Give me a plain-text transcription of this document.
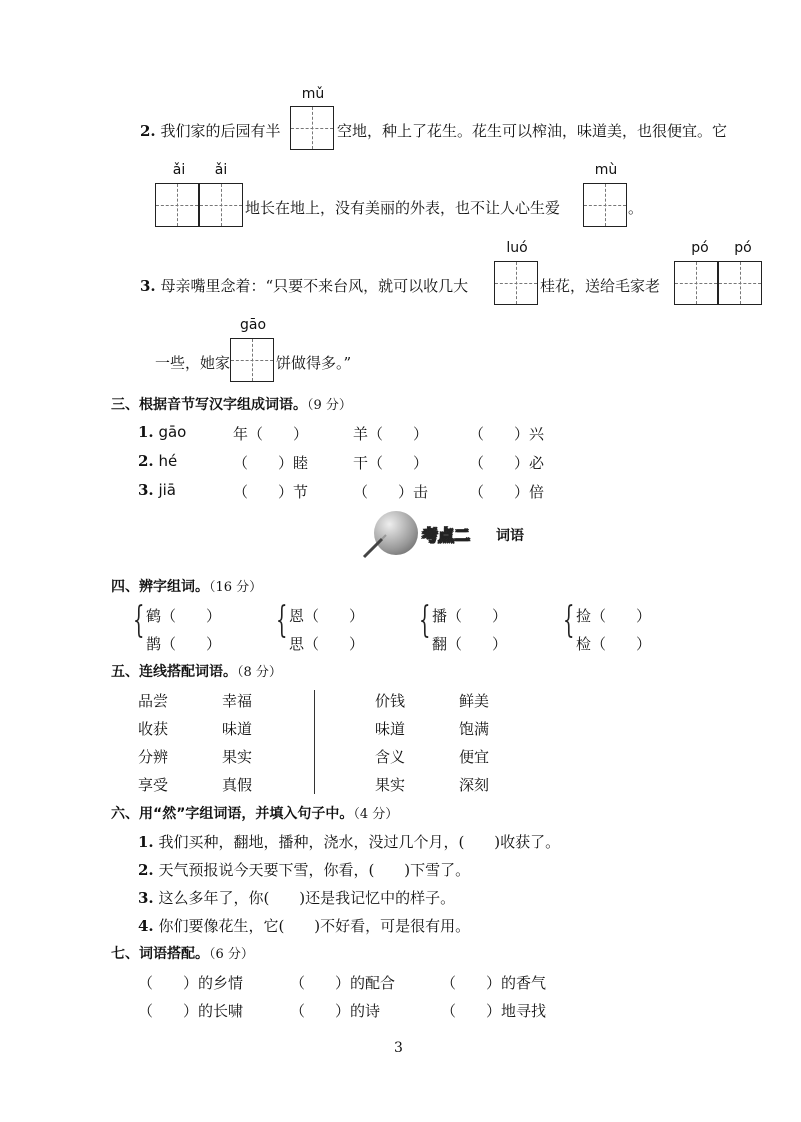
mǔ
2. 我们家的后园有半	空地，种上了花生。花生可以榨油，味道美，也很便宜。它
ǎi	ǎi
地长在地上，没有美丽的外表，也不让人心生爱
mù
。
luó	pó	pó
3. 母亲嘴里念着：“只要不来台风，就可以收几大	桂花，送给毛家老
一些，她家
gāo
饼做得多。”
三、根据音节写汉字组成词语。（9 分）
1. gāo	年（　　）	羊（　　）	（　　）兴
2. hé	（　　）睦	干（　　）	（　　）必
3. jiā	（　　）节	（　　）击	（　　）倍
考点二 词语
四、辨字组词。（16 分）
{ 鹤（　　）
鹊（　　）
{ 恩（　　）
思（　　）
{ 播（　　）
翻（　　）
{ 捡（　　）
检（　　）
五、连线搭配词语。（8 分）
品尝	幸福
收获	味道
分辨	果实
享受	真假
价钱	鲜美
味道	饱满
含义	便宜
果实	深刻
六、用“然”字组词语，并填入句子中。（4 分）
1. 我们买种，翻地，播种，浇水，没过几个月，(　　)收获了。
2. 天气预报说今天要下雪，你看，(　　)下雪了。
3. 这么多年了，你(　　)还是我记忆中的样子。
4. 你们要像花生，它(　　)不好看，可是很有用。
七、词语搭配。（6 分）
（　　）的乡情	（　　）的配合	（　　）的香气
（　　）的长啸	（　　）的诗	（　　）地寻找
3
